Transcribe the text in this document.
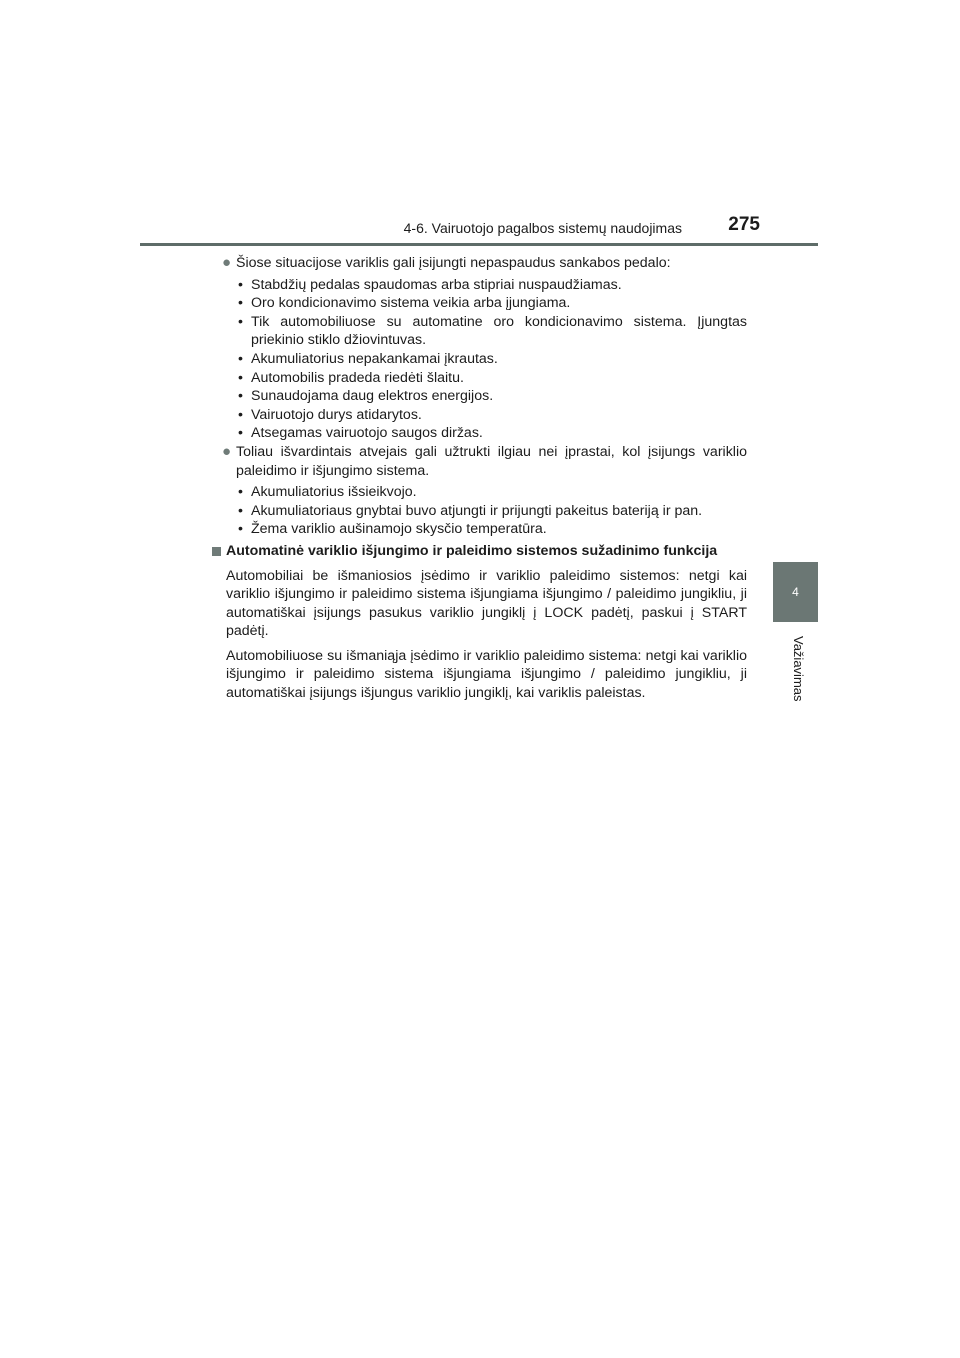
4-6. Vairuotojo pagalbos sistemų naudojimas 275
4
Važiavimas
● Šiose situacijose variklis gali įsijungti nepaspaudus sankabos pedalo:
• Stabdžių pedalas spaudomas arba stipriai nuspaudžiamas.
• Oro kondicionavimo sistema veikia arba įjungiama.
• Tik automobiliuose su automatine oro kondicionavimo sistema. Įjungtas priekinio stiklo džiovintuvas.
• Akumuliatorius nepakankamai įkrautas.
• Automobilis pradeda riedėti šlaitu.
• Sunaudojama daug elektros energijos.
• Vairuotojo durys atidarytos.
• Atsegamas vairuotojo saugos diržas.
● Toliau išvardintais atvejais gali užtrukti ilgiau nei įprastai, kol įsijungs variklio paleidimo ir išjungimo sistema.
• Akumuliatorius išsieikvojo.
• Akumuliatoriaus gnybtai buvo atjungti ir prijungti pakeitus bateriją ir pan.
• Žema variklio aušinamojo skysčio temperatūra.
Automatinė variklio išjungimo ir paleidimo sistemos sužadinimo funkcija
Automobiliai be išmaniosios įsėdimo ir variklio paleidimo sistemos: netgi kai variklio išjungimo ir paleidimo sistema išjungiama išjungimo / paleidimo jungikliu, ji automatiškai įsijungs pasukus variklio jungiklį į LOCK padėtį, paskui į START padėtį.
Automobiliuose su išmaniąja įsėdimo ir variklio paleidimo sistema: netgi kai variklio išjungimo ir paleidimo sistema išjungiama išjungimo / paleidimo jungikliu, ji automatiškai įsijungs išjungus variklio jungiklį, kai variklis paleistas.
